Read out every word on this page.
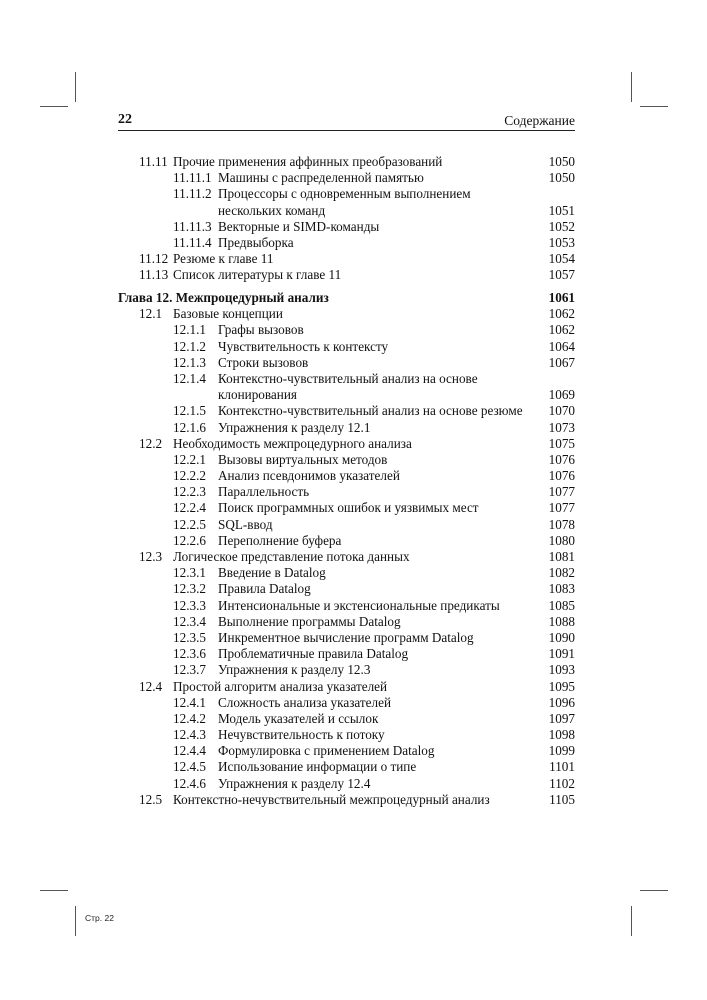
22	Содержание
11.11 Прочие применения аффинных преобразований	1050
11.11.1 Машины с распределенной памятью	1050
11.11.2 Процессоры с одновременным выполнением
нескольких команд	1051
11.11.3 Векторные и SIMD-команды	1052
11.11.4 Предвыборка	1053
11.12 Резюме к главе 11	1054
11.13 Список литературы к главе 11	1057
Глава 12. Межпроцедурный анализ	1061
12.1 Базовые концепции	1062
12.1.1 Графы вызовов	1062
12.1.2 Чувствительность к контексту	1064
12.1.3 Строки вызовов	1067
12.1.4 Контекстно-чувствительный анализ на основе
клонирования	1069
12.1.5 Контекстно-чувствительный анализ на основе резюме 1070
12.1.6 Упражнения к разделу 12.1	1073
12.2 Необходимость межпроцедурного анализа	1075
12.2.1 Вызовы виртуальных методов	1076
12.2.2 Анализ псевдонимов указателей	1076
12.2.3 Параллельность	1077
12.2.4 Поиск программных ошибок и уязвимых мест	1077
12.2.5 SQL-ввод	1078
12.2.6 Переполнение буфера	1080
12.3 Логическое представление потока данных	1081
12.3.1 Введение в Datalog	1082
12.3.2 Правила Datalog	1083
12.3.3 Интенсиональные и экстенсиональные предикаты	1085
12.3.4 Выполнение программы Datalog	1088
12.3.5 Инкрементное вычисление программ Datalog	1090
12.3.6 Проблематичные правила Datalog	1091
12.3.7 Упражнения к разделу 12.3	1093
12.4 Простой алгоритм анализа указателей	1095
12.4.1 Сложность анализа указателей	1096
12.4.2 Модель указателей и ссылок	1097
12.4.3 Нечувствительность к потоку	1098
12.4.4 Формулировка с применением Datalog	1099
12.4.5 Использование информации о типе	1101
12.4.6 Упражнения к разделу 12.4	1102
12.5 Контекстно-нечувствительный межпроцедурный анализ	1105
Стр. 22
